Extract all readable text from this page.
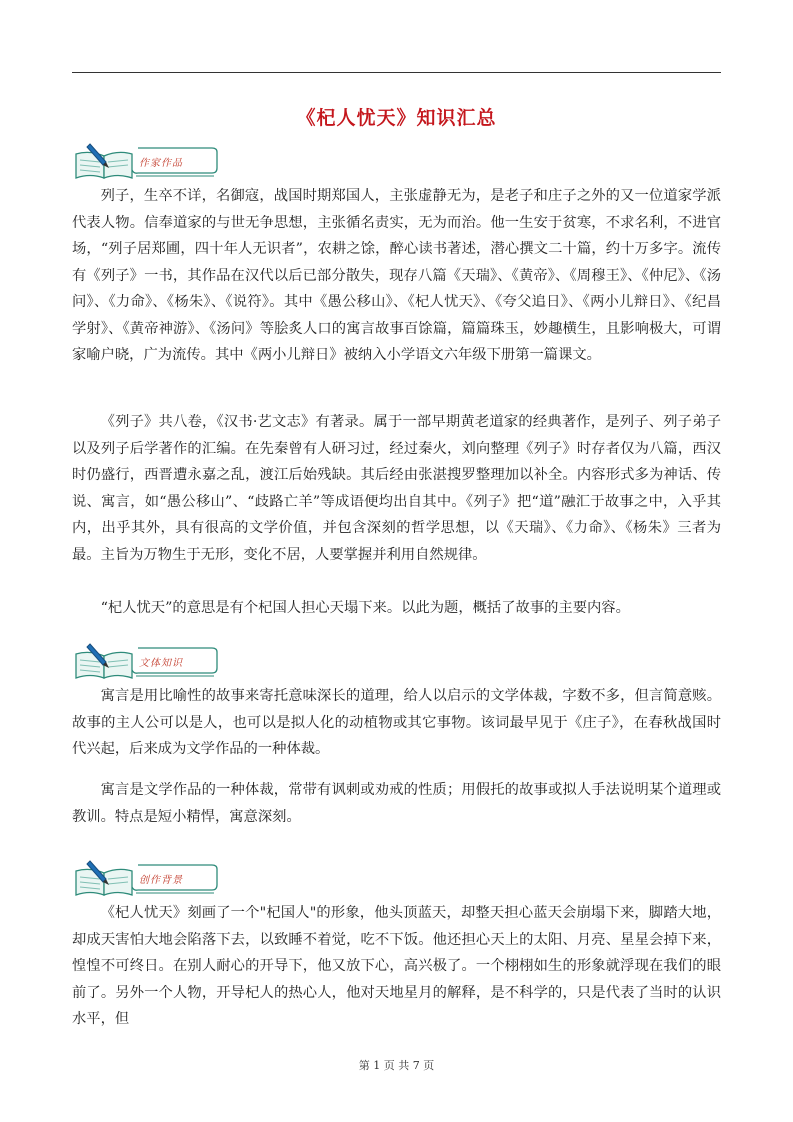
《杞人忧天》知识汇总
作家作品

列子，生卒不详，名御寇，战国时期郑国人，主张虚静无为，是老子和庄子之外的又一位道家学派代表人物。信奉道家的与世无争思想，主张循名责实，无为而治。他一生安于贫寒，不求名利，不进官场，“列子居郑圃，四十年人无识者”，农耕之馀，醉心读书著述，潜心撰文二十篇，约十万多字。流传有《列子》一书，其作品在汉代以后已部分散失，现存八篇《天瑞》、《黄帝》、《周穆王》、《仲尼》、《汤问》、《力命》、《杨朱》、《说符》。其中《愚公移山》、《杞人忧天》、《夸父追日》、《两小儿辩日》、《纪昌学射》、《黄帝神游》、《汤问》等脍炙人口的寓言故事百馀篇，篇篇珠玉，妙趣横生，且影响极大，可谓家喻户晓，广为流传。其中《两小儿辩日》被纳入小学语文六年级下册第一篇课文。

《列子》共八卷，《汉书·艺文志》有著录。属于一部早期黄老道家的经典著作，是列子、列子弟子以及列子后学著作的汇编。在先秦曾有人研习过，经过秦火，刘向整理《列子》时存者仅为八篇，西汉时仍盛行，西晋遭永嘉之乱，渡江后始残缺。其后经由张湛搜罗整理加以补全。内容形式多为神话、传说、寓言，如“愚公移山”、“歧路亡羊”等成语便均出自其中。《列子》把“道”融汇于故事之中，入乎其内，出乎其外，具有很高的文学价值，并包含深刻的哲学思想，以《天瑞》、《力命》、《杨朱》三者为最。主旨为万物生于无形，变化不居，人要掌握并利用自然规律。

“杞人忧天”的意思是有个杞国人担心天塌下来。以此为题，概括了故事的主要内容。

文体知识

寓言是用比喻性的故事来寄托意味深长的道理，给人以启示的文学体裁，字数不多，但言简意赅。故事的主人公可以是人，也可以是拟人化的动植物或其它事物。该词最早见于《庄子》，在春秋战国时代兴起，后来成为文学作品的一种体裁。

寓言是文学作品的一种体裁，常带有讽刺或劝戒的性质；用假托的故事或拟人手法说明某个道理或教训。特点是短小精悍，寓意深刻。

创作背景

《杞人忧天》刻画了一个"杞国人"的形象，他头顶蓝天，却整天担心蓝天会崩塌下来，脚踏大地，却成天害怕大地会陷落下去，以致睡不着觉，吃不下饭。他还担心天上的太阳、月亮、星星会掉下来，惶惶不可终日。在别人耐心的开导下，他又放下心，高兴极了。一个栩栩如生的形象就浮现在我们的眼前了。另外一个人物，开导杞人的热心人，他对天地星月的解释，是不科学的，只是代表了当时的认识水平，但

第 1 页 共 7 页
